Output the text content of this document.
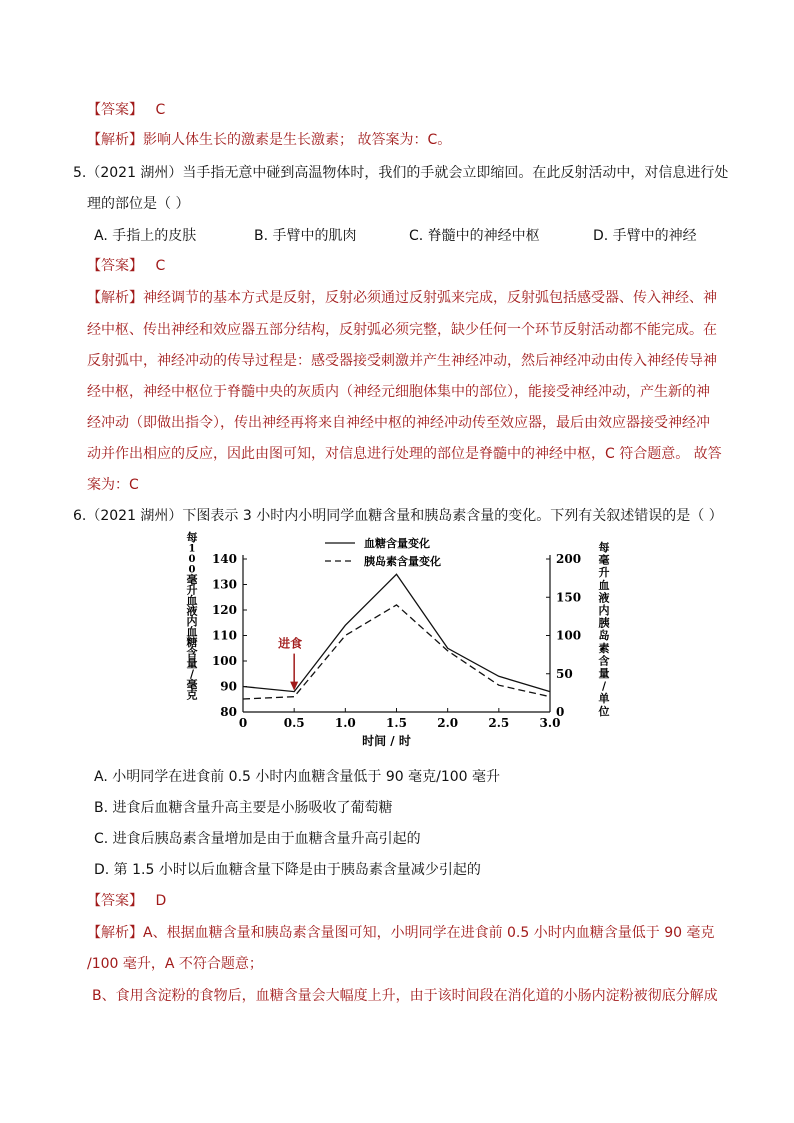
【答案】 C
【解析】影响人体生长的激素是生长激素； 故答案为：C。
5.（2021 湖州）当手指无意中碰到高温物体时，我们的手就会立即缩回。在此反射活动中，对信息进行处
理的部位是（ ）
A. 手指上的皮肤	B. 手臂中的肌肉	C. 脊髓中的神经中枢	D. 手臂中的神经
【答案】 C
【解析】神经调节的基本方式是反射，反射必须通过反射弧来完成，反射弧包括感受器、传入神经、神
经中枢、传出神经和效应器五部分结构，反射弧必须完整，缺少任何一个环节反射活动都不能完成。在
反射弧中，神经冲动的传导过程是：感受器接受刺激并产生神经冲动，然后神经冲动由传入神经传导神
经中枢，神经中枢位于脊髓中央的灰质内（神经元细胞体集中的部位），能接受神经冲动，产生新的神
经冲动（即做出指令），传出神经再将来自神经中枢的神经冲动传至效应器，最后由效应器接受神经冲
动并作出相应的反应，因此由图可知，对信息进行处理的部位是脊髓中的神经中枢，C 符合题意。 故答
案为：C
6.（2021 湖州）下图表示 3 小时内小明同学血糖含量和胰岛素含量的变化。下列有关叙述错误的是（ ）
每 1 0 0 毫升血液内血糖含量/毫克
每毫升血液内胰岛素含量/单位
80
90
100
110
120
130
140
0
50
100
150
200
0	0.5	1.0	1.5	2.0	2.5	3.0
时间 / 时
血糖含量变化
胰岛素含量变化
进食
A. 小明同学在进食前 0.5 小时内血糖含量低于 90 毫克/100 毫升
B. 进食后血糖含量升高主要是小肠吸收了葡萄糖
C. 进食后胰岛素含量增加是由于血糖含量升高引起的
D. 第 1.5 小时以后血糖含量下降是由于胰岛素含量减少引起的
【答案】 D
【解析】A、根据血糖含量和胰岛素含量图可知，小明同学在进食前 0.5 小时内血糖含量低于 90 毫克
/100 毫升，A 不符合题意；
B、食用含淀粉的食物后，血糖含量会大幅度上升，由于该时间段在消化道的小肠内淀粉被彻底分解成
